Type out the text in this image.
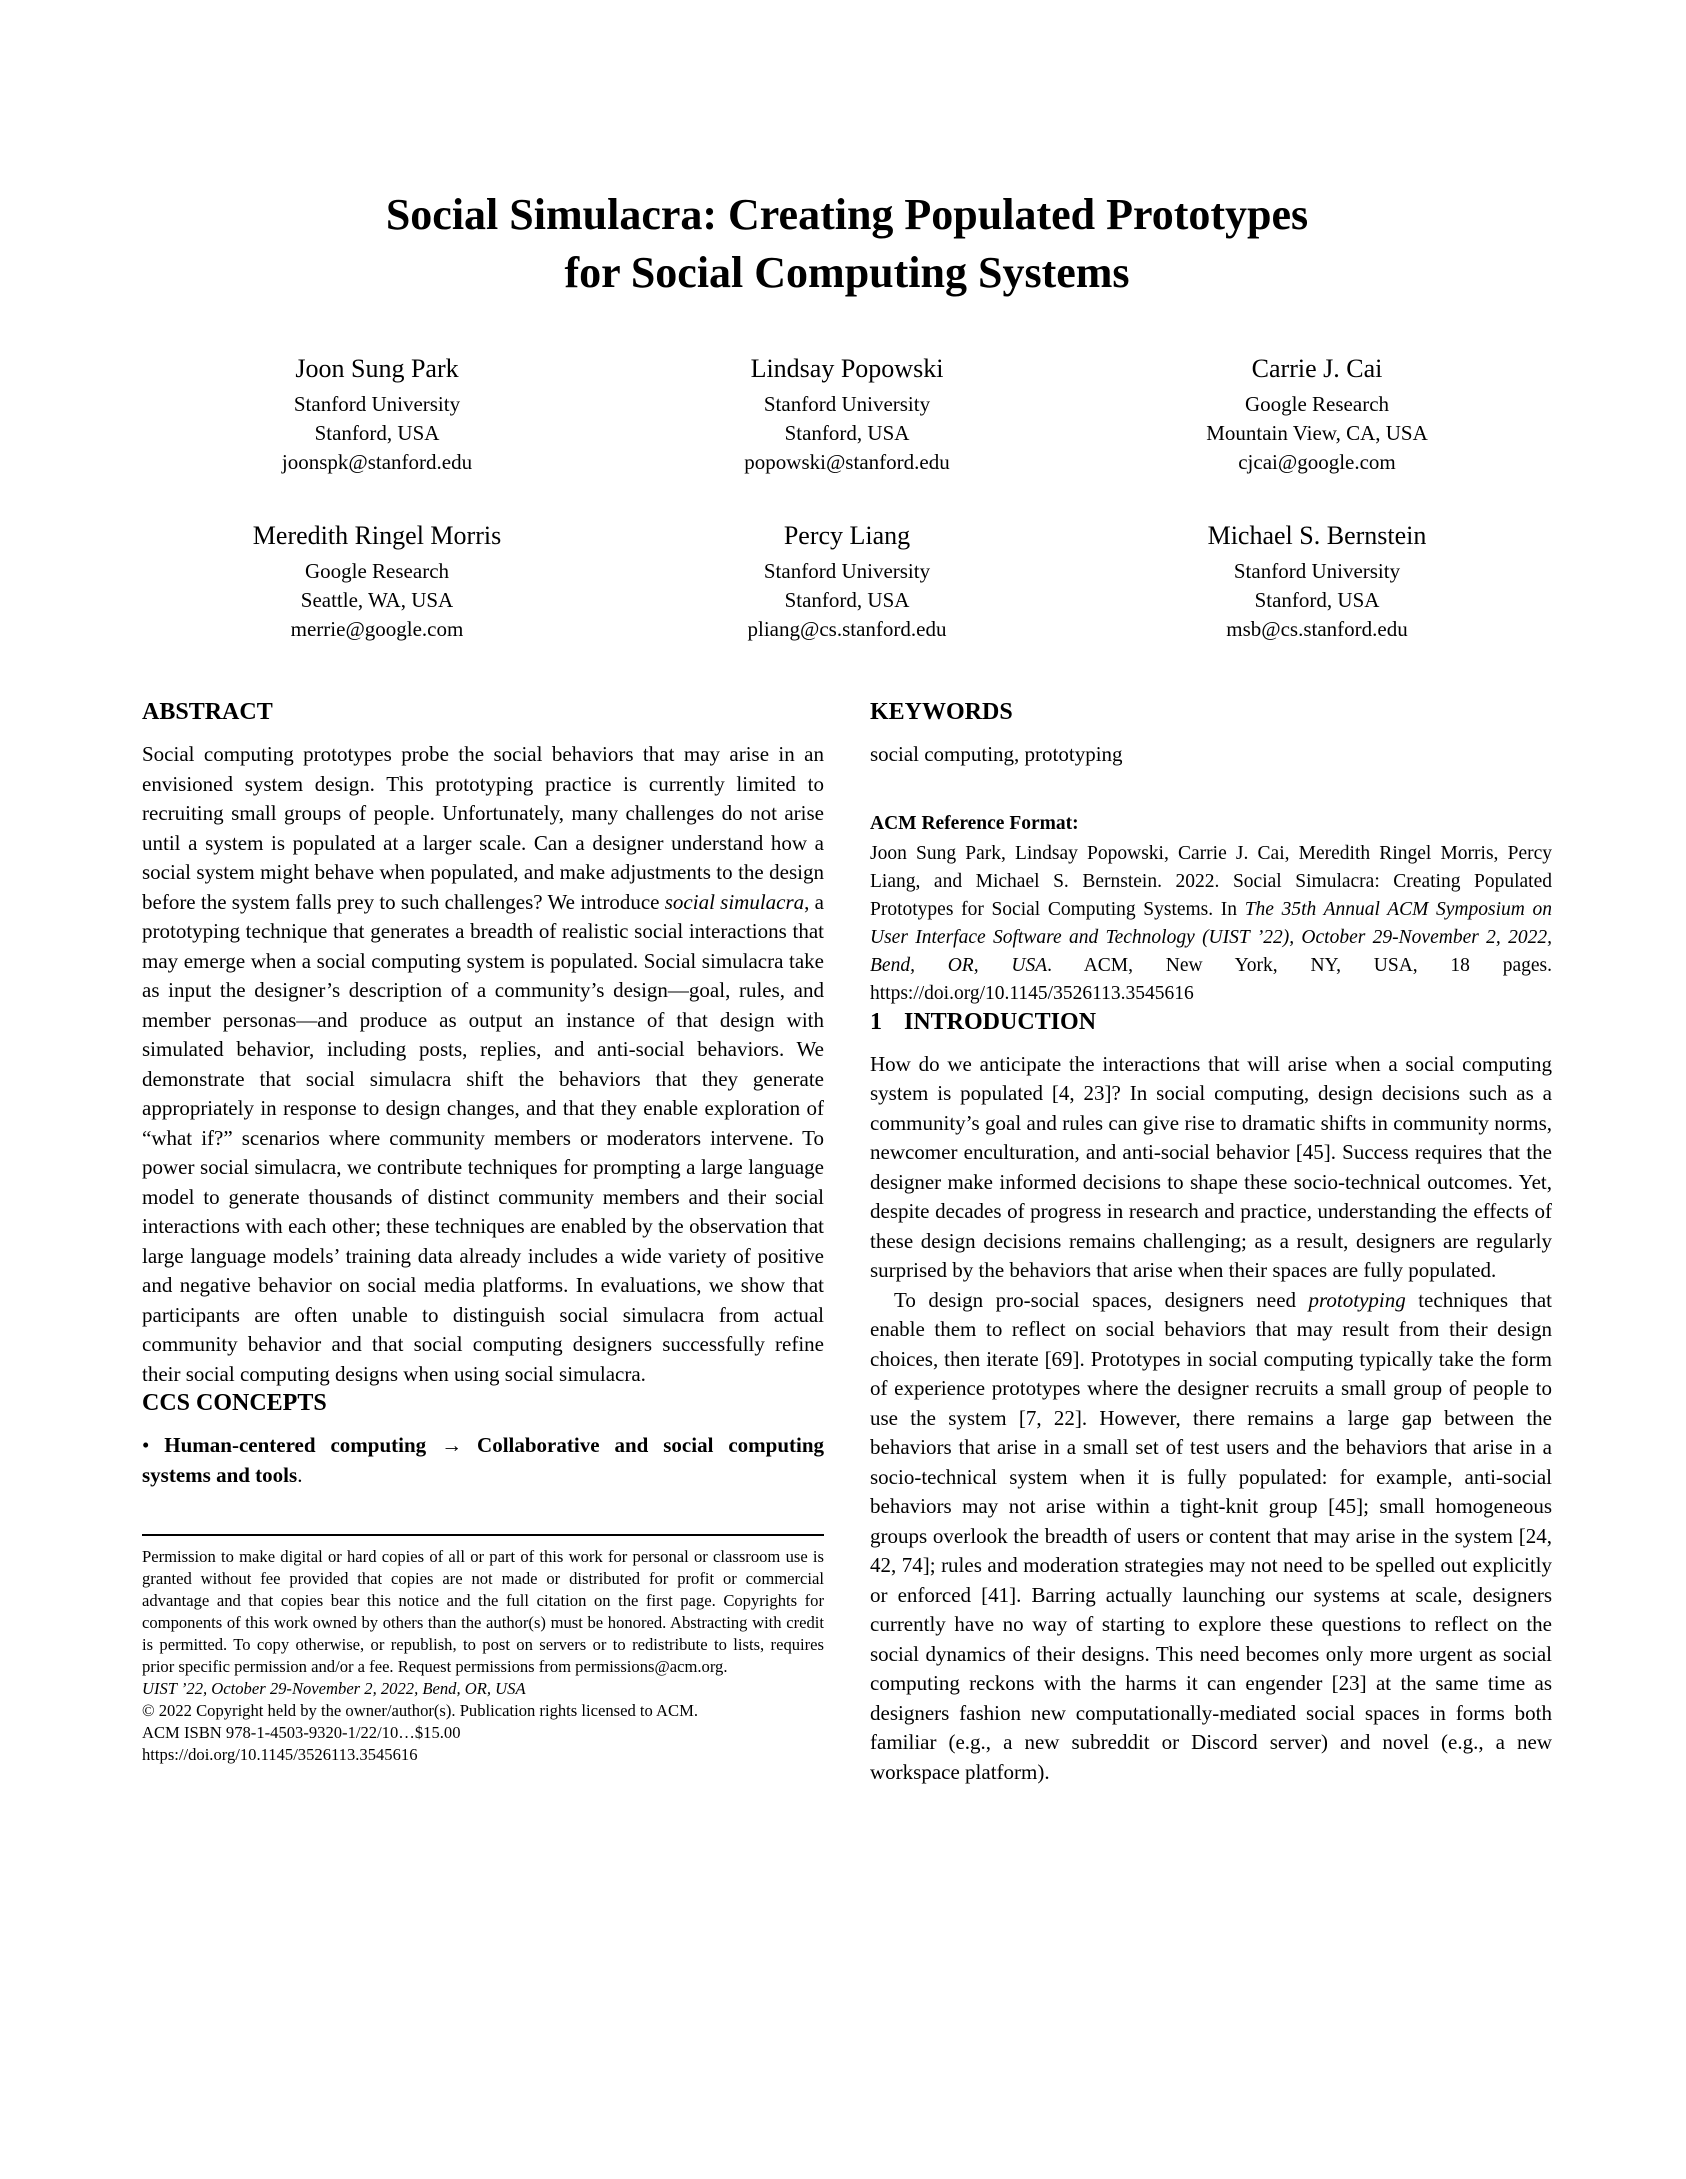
Social Simulacra: Creating Populated Prototypes
for Social Computing Systems
Joon Sung Park
Stanford University
Stanford, USA
joonspk@stanford.edu
Lindsay Popowski
Stanford University
Stanford, USA
popowski@stanford.edu
Carrie J. Cai
Google Research
Mountain View, CA, USA
cjcai@google.com
Meredith Ringel Morris
Google Research
Seattle, WA, USA
merrie@google.com
Percy Liang
Stanford University
Stanford, USA
pliang@cs.stanford.edu
Michael S. Bernstein
Stanford University
Stanford, USA
msb@cs.stanford.edu
ABSTRACT

Social computing prototypes probe the social behaviors that may arise in an envisioned system design. This prototyping practice is currently limited to recruiting small groups of people. Unfortunately, many challenges do not arise until a system is populated at a larger scale. Can a designer understand how a social system might behave when populated, and make adjustments to the design before the system falls prey to such challenges? We introduce social simulacra, a prototyping technique that generates a breadth of realistic social interactions that may emerge when a social computing system is populated. Social simulacra take as input the designer’s description of a community’s design—goal, rules, and member personas—and produce as output an instance of that design with simulated behavior, including posts, replies, and anti-social behaviors. We demonstrate that social simulacra shift the behaviors that they generate appropriately in response to design changes, and that they enable exploration of “what if?” scenarios where community members or moderators intervene. To power social simulacra, we contribute techniques for prompting a large language model to generate thousands of distinct community members and their social interactions with each other; these techniques are enabled by the observation that large language models’ training data already includes a wide variety of positive and negative behavior on social media platforms. In evaluations, we show that participants are often unable to distinguish social simulacra from actual community behavior and that social computing designers successfully refine their social computing designs when using social simulacra.

CCS CONCEPTS

• Human-centered computing → Collaborative and social computing systems and tools.

Permission to make digital or hard copies of all or part of this work for personal or classroom use is granted without fee provided that copies are not made or distributed for profit or commercial advantage and that copies bear this notice and the full citation on the first page. Copyrights for components of this work owned by others than the author(s) must be honored. Abstracting with credit is permitted. To copy otherwise, or republish, to post on servers or to redistribute to lists, requires prior specific permission and/or a fee. Request permissions from permissions@acm.org.

UIST ’22, October 29-November 2, 2022, Bend, OR, USA

© 2022 Copyright held by the owner/author(s). Publication rights licensed to ACM.

ACM ISBN 978-1-4503-9320-1/22/10…$15.00

https://doi.org/10.1145/3526113.3545616

KEYWORDS

social computing, prototyping

ACM Reference Format:

Joon Sung Park, Lindsay Popowski, Carrie J. Cai, Meredith Ringel Morris, Percy Liang, and Michael S. Bernstein. 2022. Social Simulacra: Creating Populated Prototypes for Social Computing Systems. In The 35th Annual ACM Symposium on User Interface Software and Technology (UIST ’22), October 29-November 2, 2022, Bend, OR, USA. ACM, New York, NY, USA, 18 pages. https://doi.org/10.1145/3526113.3545616

1 INTRODUCTION

How do we anticipate the interactions that will arise when a social computing system is populated [4, 23]? In social computing, design decisions such as a community’s goal and rules can give rise to dramatic shifts in community norms, newcomer enculturation, and anti-social behavior [45]. Success requires that the designer make informed decisions to shape these socio-technical outcomes. Yet, despite decades of progress in research and practice, understanding the effects of these design decisions remains challenging; as a result, designers are regularly surprised by the behaviors that arise when their spaces are fully populated.

To design pro-social spaces, designers need prototyping techniques that enable them to reflect on social behaviors that may result from their design choices, then iterate [69]. Prototypes in social computing typically take the form of experience prototypes where the designer recruits a small group of people to use the system [7, 22]. However, there remains a large gap between the behaviors that arise in a small set of test users and the behaviors that arise in a socio-technical system when it is fully populated: for example, anti-social behaviors may not arise within a tight-knit group [45]; small homogeneous groups overlook the breadth of users or content that may arise in the system [24, 42, 74]; rules and moderation strategies may not need to be spelled out explicitly or enforced [41]. Barring actually launching our systems at scale, designers currently have no way of starting to explore these questions to reflect on the social dynamics of their designs. This need becomes only more urgent as social computing reckons with the harms it can engender [23] at the same time as designers fashion new computationally-mediated social spaces in forms both familiar (e.g., a new subreddit or Discord server) and novel (e.g., a new workspace platform).
